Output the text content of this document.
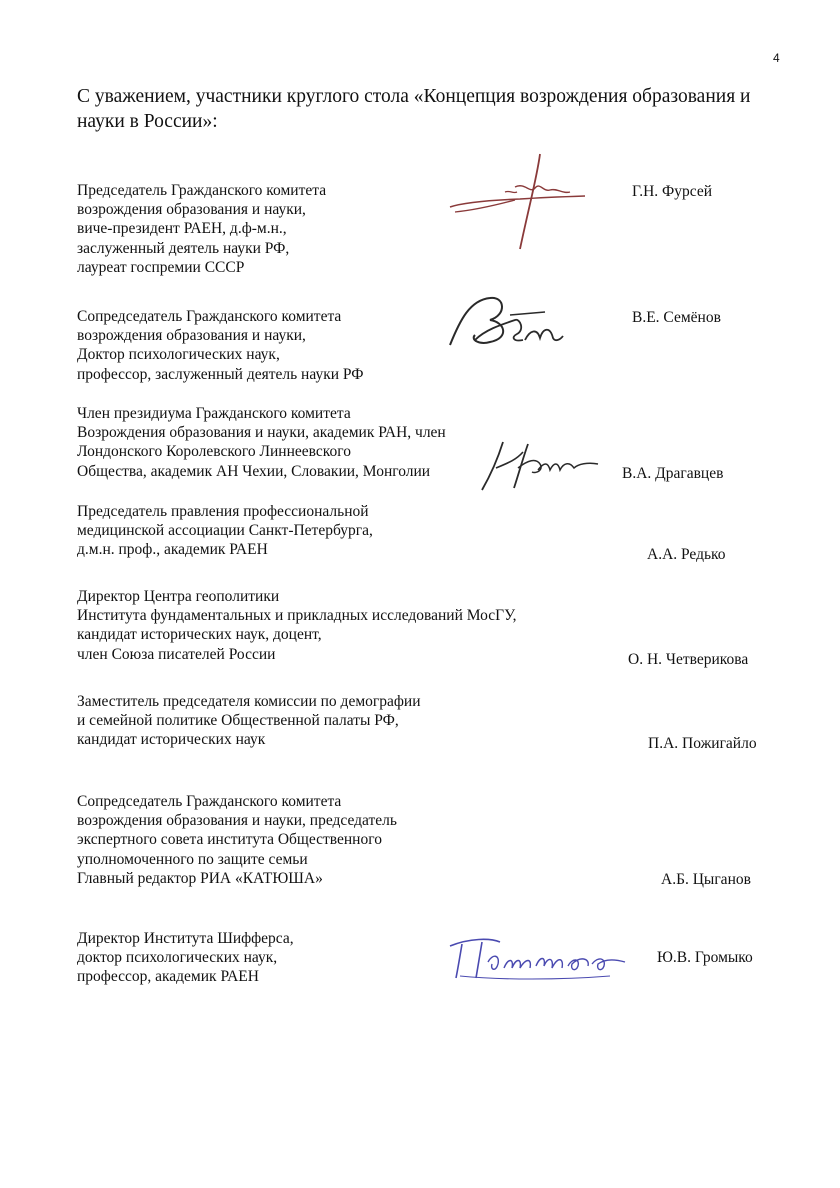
4
С уважением, участники круглого стола «Концепция возрождения образования и науки в России»:
Председатель Гражданского комитета
возрождения образования и науки,
виче-президент РАЕН, д.ф-м.н.,
заслуженный деятель науки РФ,
лауреат госпремии СССР
Г.Н. Фурсей
Сопредседатель Гражданского комитета
возрождения образования и науки,
Доктор психологических наук,
профессор, заслуженный деятель науки РФ
В.Е. Семёнов
Член президиума Гражданского комитета
Возрождения образования и науки, академик РАН, член
Лондонского Королевского Линнеевского
Общества, академик АН Чехии, Словакии, Монголии	В.А. Драгавцев
Председатель правления профессиональной
медицинской ассоциации Санкт-Петербурга,
д.м.н. проф., академик РАЕН	А.А. Редько
Директор Центра геополитики
Института фундаментальных и прикладных исследований МосГУ,
кандидат исторических наук, доцент,
член Союза писателей России	О. Н. Четверикова
Заместитель председателя комиссии по демографии
и семейной политике Общественной палаты РФ,
кандидат исторических наук	П.А. Пожигайло
Сопредседатель Гражданского комитета
возрождения образования и науки, председатель
экспертного совета института Общественного
уполномоченного по защите семьи
Главный редактор РИА «КАТЮША»	А.Б. Цыганов
Директор Института Шифферса,
доктор психологических наук,
профессор, академик РАЕН
Ю.В. Громыко
